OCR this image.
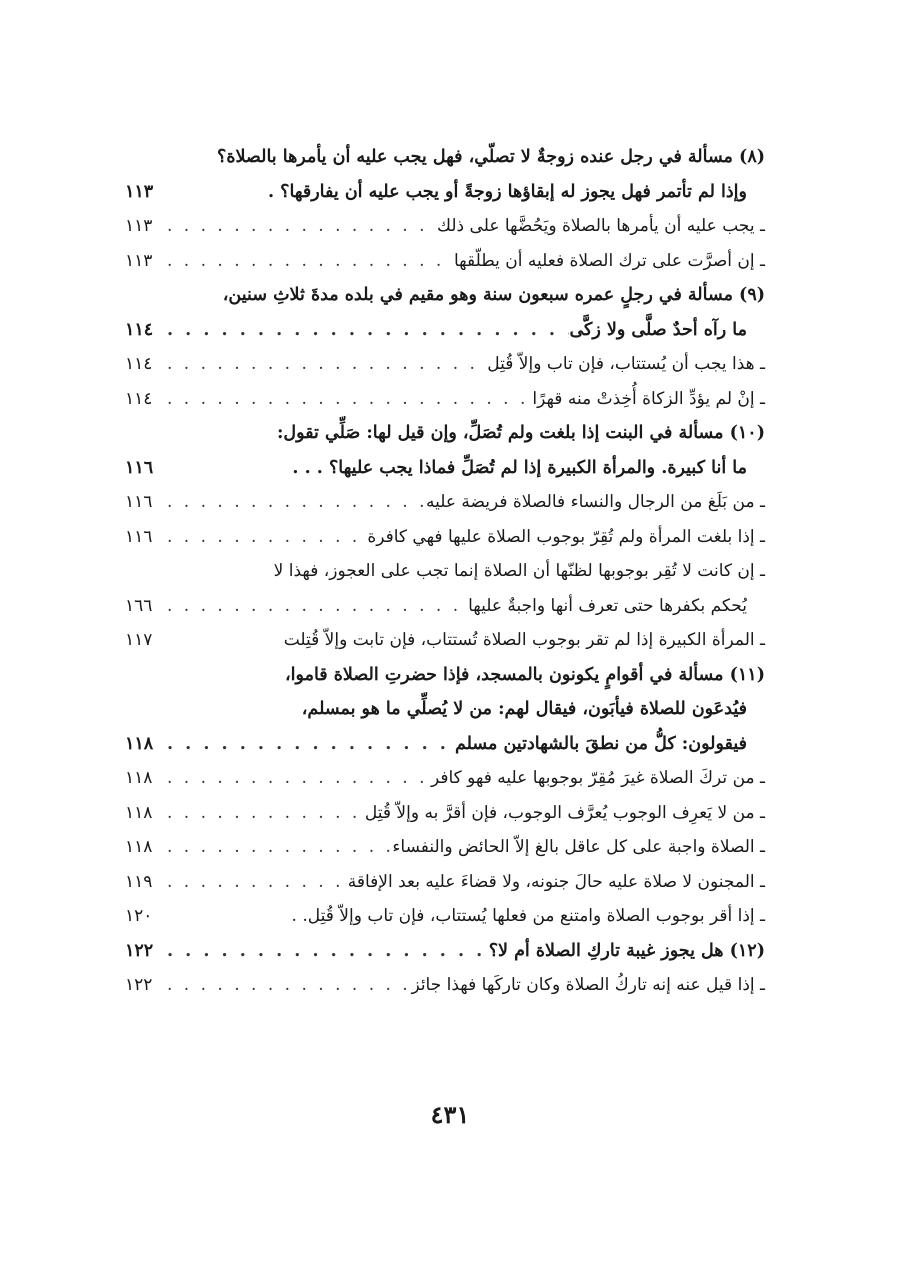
(٨) مسألة في رجل عنده زوجةٌ لا تصلّي، فهل يجب عليه أن يأمرها بالصلاة؟
وإذا لم تأتمر فهل يجوز له إبقاؤها زوجةً أو يجب عليه أن يفارقها؟ .
١١٣
ـ يجب عليه أن يأمرها بالصلاة ويَحُضَّها على ذلك
. . .
١١٣
ـ إن أصرَّت على ترك الصلاة فعليه أن يطلّقها
. . .
١١٣
(٩) مسألة في رجلٍ عمره سبعون سنة وهو مقيم في بلده مدةَ ثلاثِ سنين،
ما رآه أحدٌ صلَّى ولا زكَّى
. . .
١١٤
ـ هذا يجب أن يُستتاب، فإن تاب وإلاّ قُتِل
. . .
١١٤
ـ إنْ لم يؤدِّ الزكاة أُخِذتْ منه قهرًا
. . .
١١٤
(١٠) مسألة في البنت إذا بلغت ولم تُصَلِّ، وإن قيل لها: صَلِّي تقول:
ما أنا كبيرة. والمرأة الكبيرة إذا لم تُصَلِّ فماذا يجب عليها؟ . . .
١١٦
ـ من بَلَغ من الرجال والنساء فالصلاة فريضة عليه
. . .
١١٦
ـ إذا بلغت المرأة ولم تُقِرّ بوجوب الصلاة عليها فهي كافرة
. . .
١١٦
ـ إن كانت لا تُقِر بوجوبها لظنّها أن الصلاة إنما تجب على العجوز، فهذا لا
يُحكم بكفرها حتى تعرف أنها واجبةٌ عليها
. . .
١٦٦
ـ المرأة الكبيرة إذا لم تقر بوجوب الصلاة تُستتاب، فإن تابت وإلاّ قُتِلت
١١٧
(١١) مسألة في أقوامٍ يكونون بالمسجد، فإذا حضرتِ الصلاة قاموا،
فيُدعَون للصلاة فيأبَون، فيقال لهم: من لا يُصلِّي ما هو بمسلم،
فيقولون: كلُّ من نطقَ بالشهادتين مسلم
. . .
١١٨
ـ من تركَ الصلاة غيرَ مُقِرّ بوجوبها عليه فهو كافر
. . .
١١٨
ـ من لا يَعرِف الوجوب يُعرَّف الوجوب، فإن أقرَّ به وإلاّ قُتِل
. . .
١١٨
ـ الصلاة واجبة على كل عاقل بالغ إلاّ الحائض والنفساء
. . .
١١٨
ـ المجنون لا صلاة عليه حالَ جنونه، ولا قضاءَ عليه بعد الإفاقة
. . .
١١٩
ـ إذا أقر بوجوب الصلاة وامتنع من فعلها يُستتاب، فإن تاب وإلاّ قُتِل. .
١٢٠
(١٢) هل يجوز غيبة تاركِ الصلاة أم لا؟
. . .
١٢٢
ـ إذا قيل عنه إنه تاركُ الصلاة وكان تاركَها فهذا جائز
. . .
١٢٢
٤٣١
